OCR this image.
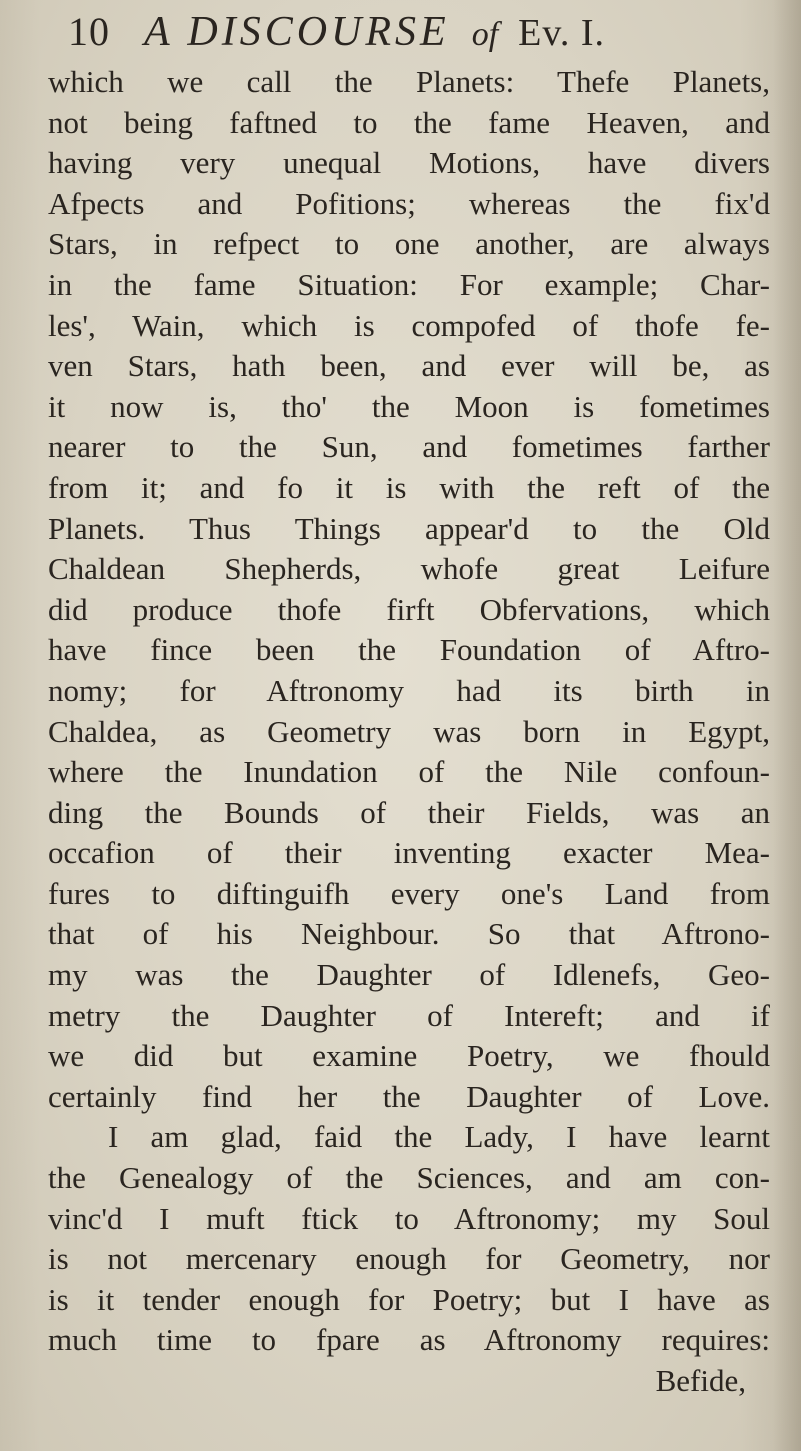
10 A DISCOURSE of Ev. I.
which we call the Planets: Thefe Planets,
not being faftned to the fame Heaven, and
having very unequal Motions, have divers
Afpects and Pofitions; whereas the fix'd
Stars, in refpect to one another, are always
in the fame Situation: For example; Char-
les', Wain, which is compofed of thofe fe-
ven Stars, hath been, and ever will be, as
it now is, tho' the Moon is fometimes
nearer to the Sun, and fometimes farther
from it; and fo it is with the reft of the
Planets. Thus Things appear'd to the Old
Chaldean Shepherds, whofe great Leifure
did produce thofe firft Obfervations, which
have fince been the Foundation of Aftro-
nomy; for Aftronomy had its birth in
Chaldea, as Geometry was born in Egypt,
where the Inundation of the Nile confoun-
ding the Bounds of their Fields, was an
occafion of their inventing exacter Mea-
fures to diftinguifh every one's Land from
that of his Neighbour. So that Aftrono-
my was the Daughter of Idlenefs, Geo-
metry the Daughter of Intereft; and if
we did but examine Poetry, we fhould
certainly find her the Daughter of Love.
I am glad, faid the Lady, I have learnt
the Genealogy of the Sciences, and am con-
vinc'd I muft ftick to Aftronomy; my Soul
is not mercenary enough for Geometry, nor
is it tender enough for Poetry; but I have as
much time to fpare as Aftronomy requires:
Befide,
